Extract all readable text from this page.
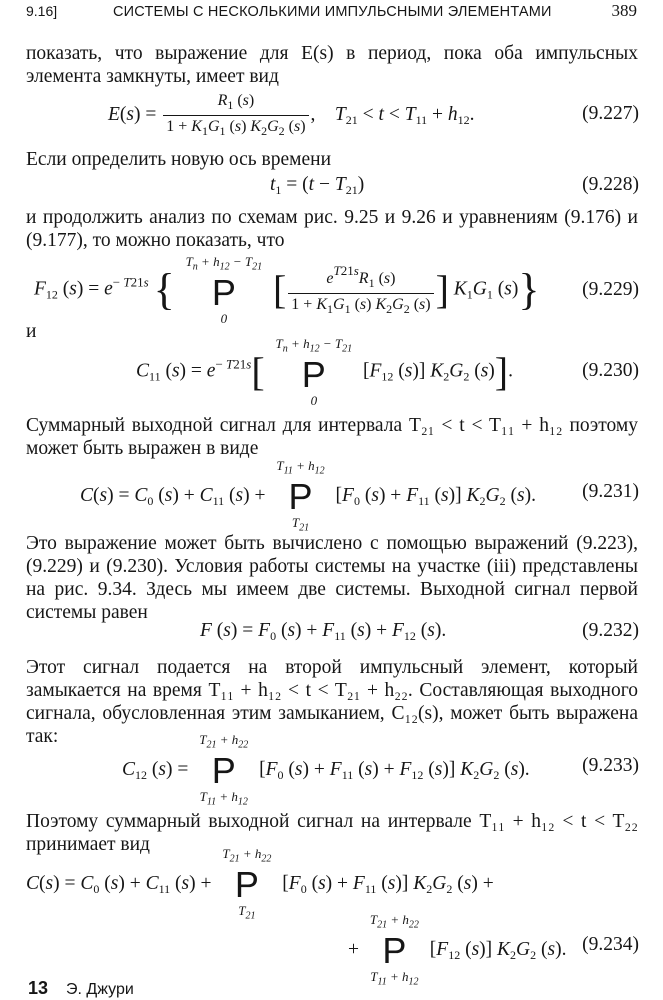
9.16]	СИСТЕМЫ С НЕСКОЛЬКИМИ ИМПУЛЬСНЫМИ ЭЛЕМЕНТАМИ	389
показать, что выражение для E(s) в период, пока оба импульсных элемента замкнуты, имеет вид
$E(s) = \frac{R_1 (s)}{1 + K_1G_1 (s) K_2G_2 (s)}$ ,    $T_{21} < t < T_{11} + h_{12}$.	(9.227)
Если определить новую ось времени
$t_1 = (t - T_{21})$	(9.228)
и продолжить анализ по схемам рис. 9.25 и 9.26 и уравнениям (9.176) и (9.177), то можно показать, что
$F_{12}$ $(s) = e^{- T21s}$ {
$T_n + h_{12} - T_{21}$
P
0
[ $\frac{e^{T21s}R_1 (s)}{1 + K_1G_1 (s) K_2G_2 (s)}$ ] $K_1G_1$ (s)} (9.229)
и
$C_{11}$ $(s) = e^{- T21s}$[
$T_n + h_{12} - T_{21}$
P
0
[$F_{12}$ (s)] $K_2G_2$ (s)].	(9.230)
Суммарный выходной сигнал для интервала T₂₁ < t < T₁₁ + h₁₂ поэтому может быть выражен в виде
$C(s) = C_0$ $(s) + C_{11}$ (s) +
$T_{11} + h_{12}$
P
$T_{21}$
[$F_0$ $(s) + F_{11}$ (s)] $K_2G_2$ (s). (9.231)
Это выражение может быть вычислено с помощью выражений (9.223), (9.229) и (9.230). Условия работы системы на участке (iii) представлены на рис. 9.34. Здесь мы имеем две системы. Выходной сигнал первой системы равен
F $(s) = F_0$ $(s) + F_{11}$ $(s) + F_{12}$ (s).	(9.232)
Этот сигнал подается на второй импульсный элемент, который замыкается на время T₁₁ + h₁₂ < t < T₂₁ + h₂₂. Составляющая выходного сигнала, обусловленная этим замыканием, C₁₂(s), может быть выражена так:
$C_{12}$ (s) =
$T_{21} + h_{22}$
P
$T_{11} + h_{12}$
[$F_0$ $(s) + F_{11}$ $(s) + F_{12}$ (s)] $K_2G_2$ (s).	(9.233)
Поэтому суммарный выходной сигнал на интервале T₁₁ + h₁₂ < t < T₂₂ принимает вид
$C(s) = C_0$ $(s) + C_{11}$ (s) +
$T_{21} + h_{22}$
P
$T_{21}$
[$F_0$ $(s) + F_{11}$ (s)] $K_2G_2$ (s) +
+
$T_{21} + h_{22}$
P
$T_{11} + h_{12}$
[$F_{12}$ (s)] $K_2G_2$ (s). (9.234)
13 Э. Джури
